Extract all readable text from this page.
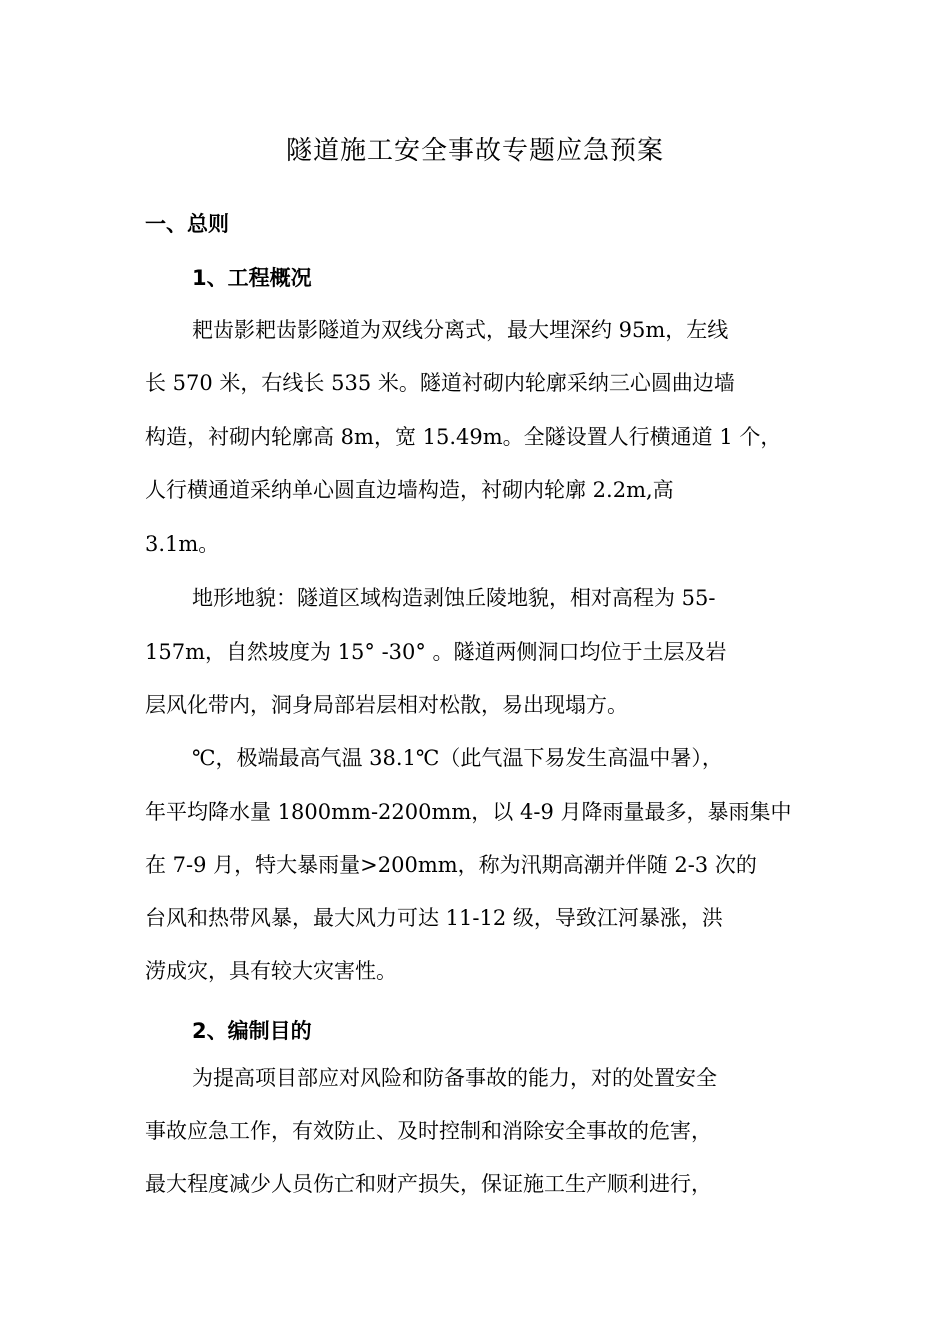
隧道施工安全事故专题应急预案
一、总则
1、工程概况
耙齿影耙齿影隧道为双线分离式，最大埋深约 95m，左线
长 570 米，右线长 535 米。隧道衬砌内轮廓采纳三心圆曲边墙
构造，衬砌内轮廓高 8m，宽 15.49m。全隧设置人行横通道 1 个，
人行横通道采纳单心圆直边墙构造，衬砌内轮廓 2.2m,高
3.1m。
地形地貌：隧道区域构造剥蚀丘陵地貌，相对高程为 55-
157m，自然坡度为 15° -30° 。隧道两侧洞口均位于土层及岩
层风化带内，洞身局部岩层相对松散，易出现塌方。
℃，极端最高气温 38.1℃（此气温下易发生高温中暑），
年平均降水量 1800mm-2200mm，以 4-9 月降雨量最多，暴雨集中
在 7-9 月，特大暴雨量>200mm，称为汛期高潮并伴随 2-3 次的
台风和热带风暴，最大风力可达 11-12 级，导致江河暴涨，洪
涝成灾，具有较大灾害性。
2、编制目的
为提高项目部应对风险和防备事故的能力，对的处置安全
事故应急工作，有效防止、及时控制和消除安全事故的危害，
最大程度减少人员伤亡和财产损失，保证施工生产顺利进行，
